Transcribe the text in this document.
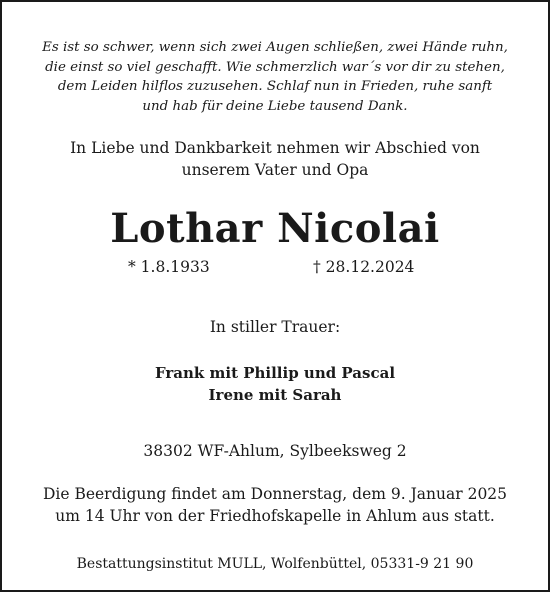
Es ist so schwer, wenn sich zwei Augen schließen, zwei Hände ruhn,
die einst so viel geschafft. Wie schmerzlich war´s vor dir zu stehen,
dem Leiden hilflos zuzusehen. Schlaf nun in Frieden, ruhe sanft
und hab für deine Liebe tausend Dank.
In Liebe und Dankbarkeit nehmen wir Abschied von
unserem Vater und Opa
Lothar Nicolai
* 1.8.1933	† 28.12.2024
In stiller Trauer:
Frank mit Phillip und Pascal
Irene mit Sarah
38302 WF-Ahlum, Sylbeeksweg 2
Die Beerdigung findet am Donnerstag, dem 9. Januar 2025
um 14 Uhr von der Friedhofskapelle in Ahlum aus statt.
Bestattungsinstitut MULL, Wolfenbüttel, 05331-9 21 90
